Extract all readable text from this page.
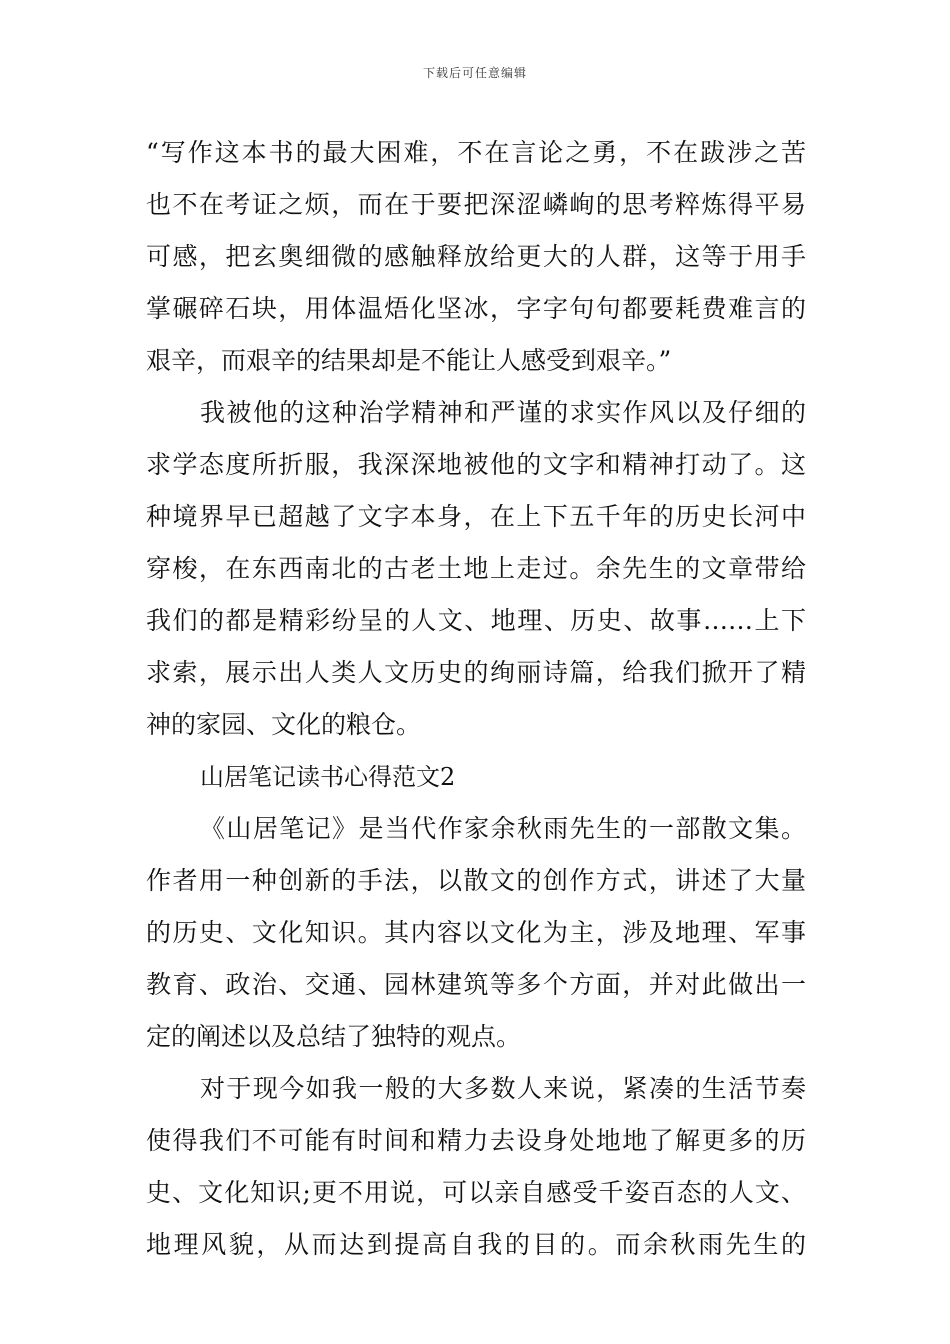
下载后可任意编辑
“写作这本书的最大困难，不在言论之勇，不在跋涉之苦
也不在考证之烦，而在于要把深涩嶙峋的思考粹炼得平易
可感，把玄奥细微的感触释放给更大的人群，这等于用手
掌碾碎石块，用体温焐化坚冰，字字句句都要耗费难言的
艰辛，而艰辛的结果却是不能让人感受到艰辛。”
我被他的这种治学精神和严谨的求实作风以及仔细的
求学态度所折服，我深深地被他的文字和精神打动了。这
种境界早已超越了文字本身，在上下五千年的历史长河中
穿梭，在东西南北的古老土地上走过。余先生的文章带给
我们的都是精彩纷呈的人文、地理、历史、故事……上下
求索，展示出人类人文历史的绚丽诗篇，给我们掀开了精
神的家园、文化的粮仓。
山居笔记读书心得范文2
《山居笔记》是当代作家余秋雨先生的一部散文集。
作者用一种创新的手法，以散文的创作方式，讲述了大量
的历史、文化知识。其内容以文化为主，涉及地理、军事
教育、政治、交通、园林建筑等多个方面，并对此做出一
定的阐述以及总结了独特的观点。
对于现今如我一般的大多数人来说，紧凑的生活节奏
使得我们不可能有时间和精力去设身处地地了解更多的历
史、文化知识;更不用说，可以亲自感受千姿百态的人文、
地理风貌，从而达到提高自我的目的。而余秋雨先生的
